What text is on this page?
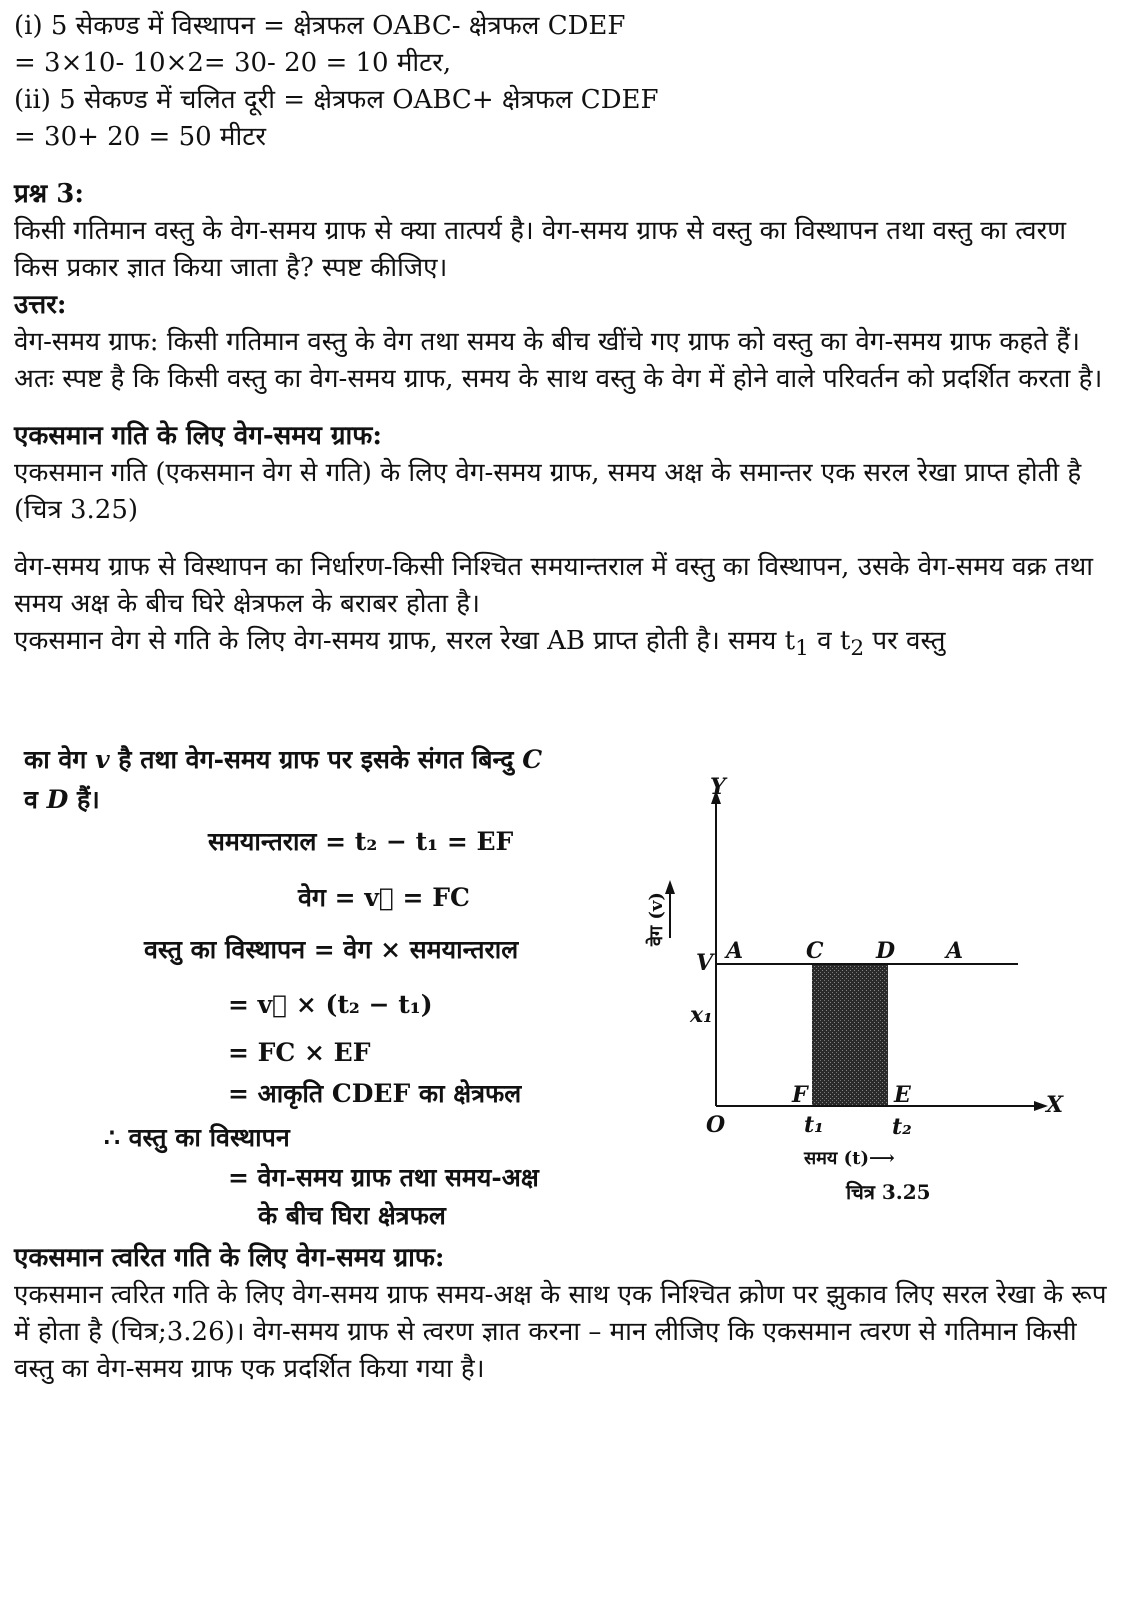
(i) 5 सेकण्ड में विस्थापन = क्षेत्रफल OABC- क्षेत्रफल CDEF
= 3×10- 10×2= 30- 20 = 10 मीटर,
(ii) 5 सेकण्ड में चलित दूरी = क्षेत्रफल OABC+ क्षेत्रफल CDEF
= 30+ 20 = 50 मीटर
प्रश्न 3:
किसी गतिमान वस्तु के वेग-समय ग्राफ से क्या तात्पर्य है। वेग-समय ग्राफ से वस्तु का विस्थापन तथा वस्तु का त्वरण किस प्रकार ज्ञात किया जाता है? स्पष्ट कीजिए।
उत्तर:
वेग-समय ग्राफ: किसी गतिमान वस्तु के वेग तथा समय के बीच खींचे गए ग्राफ को वस्तु का वेग-समय ग्राफ कहते हैं। अतः स्पष्ट है कि किसी वस्तु का वेग-समय ग्राफ, समय के साथ वस्तु के वेग में होने वाले परिवर्तन को प्रदर्शित करता है।
एकसमान गति के लिए वेग-समय ग्राफ:
एकसमान गति (एकसमान वेग से गति) के लिए वेग-समय ग्राफ, समय अक्ष के समान्तर एक सरल रेखा प्राप्त होती है (चित्र 3.25)
वेग-समय ग्राफ से विस्थापन का निर्धारण-किसी निश्चित समयान्तराल में वस्तु का विस्थापन, उसके वेग-समय वक्र तथा समय अक्ष के बीच घिरे क्षेत्रफल के बराबर होता है।
एकसमान वेग से गति के लिए वेग-समय ग्राफ, सरल रेखा AB प्राप्त होती है। समय $t_1$ व $t_2$ पर वस्तु
का वेग v है तथा वेग-समय ग्राफ पर इसके संगत बिन्दु C
व D हैं।
समयान्तराल = t₂ − t₁ = EF
वेग = v⃗ = FC
वस्तु का विस्थापन = वेग × समयान्तराल
= v⃗ × (t₂ − t₁)
= FC × EF
= आकृति CDEF का क्षेत्रफल
∴ वस्तु का विस्थापन
= वेग-समय ग्राफ तथा समय-अक्ष
के बीच घिरा क्षेत्रफल
Y
X
O
V
x₁
A	C D A
F	E
t₁	t₂
समय (t)⟶
वेग (v)
चित्र 3.25
एकसमान त्वरित गति के लिए वेग-समय ग्राफ:
एकसमान त्वरित गति के लिए वेग-समय ग्राफ समय-अक्ष के साथ एक निश्चित क्रोण पर झुकाव लिए सरल रेखा के रूप में होता है (चित्र;3.26)। वेग-समय ग्राफ से त्वरण ज्ञात करना – मान लीजिए कि एकसमान त्वरण से गतिमान किसी वस्तु का वेग-समय ग्राफ एक प्रदर्शित किया गया है।
